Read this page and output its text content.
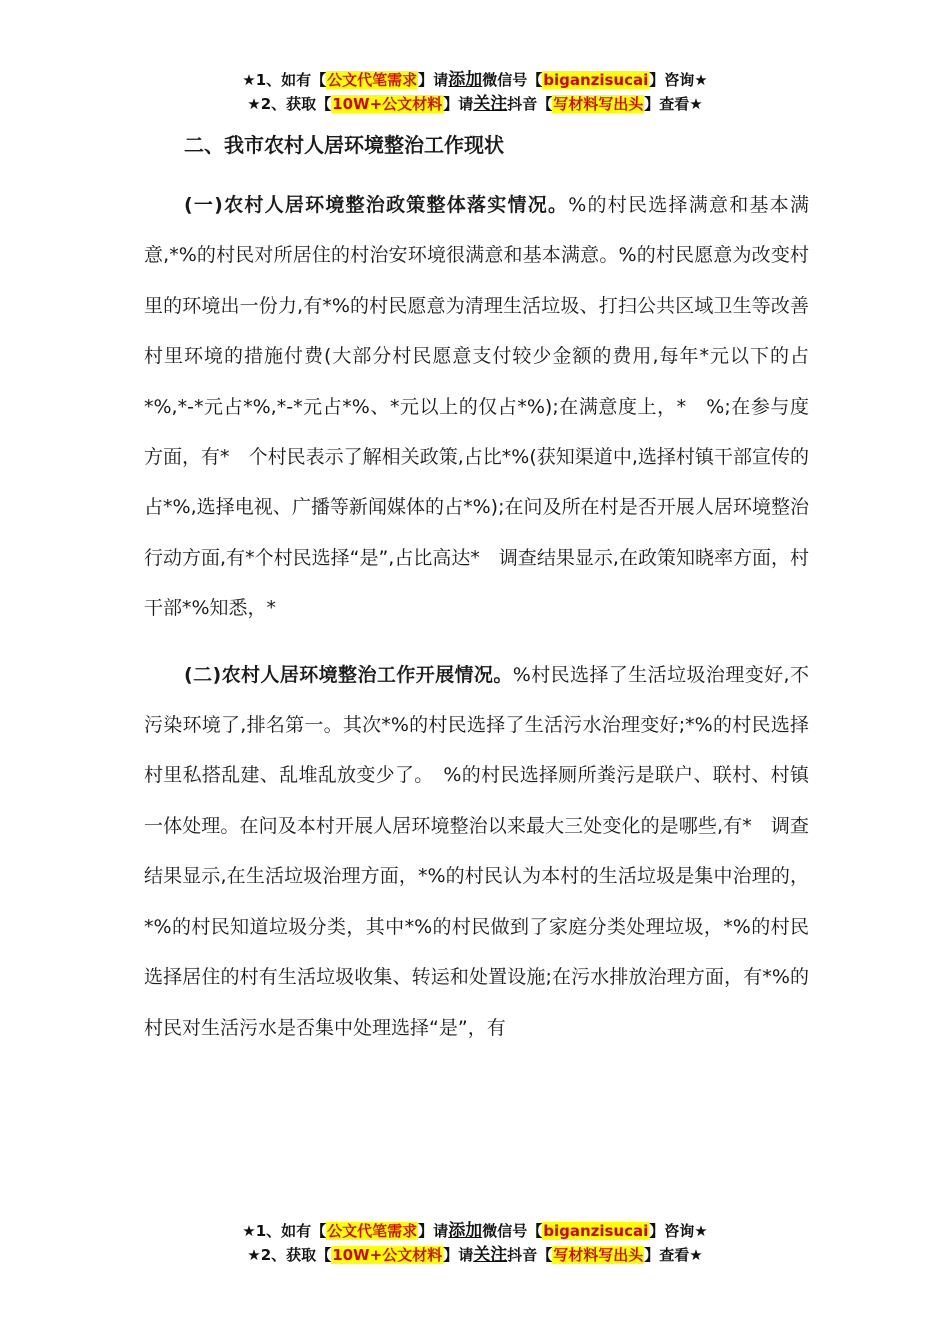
★1、如有【公文代笔需求】请添加微信号【biganzisucai】咨询★
★2、获取【10W+公文材料】请关注抖音【写材料写出头】查看★
二、我市农村人居环境整治工作现状

(一)农村人居环境整治政策整体落实情况。%的村民选择满意和基本满意,*%的村民对所居住的村治安环境很满意和基本满意。%的村民愿意为改变村里的环境出一份力,有*%的村民愿意为清理生活垃圾、打扫公共区域卫生等改善村里环境的措施付费(大部分村民愿意支付较少金额的费用,每年*元以下的占*%,*-*元占*%,*-*元占*%、*元以上的仅占*%);在满意度上，*　%;在参与度方面，有*　个村民表示了解相关政策,占比*%(获知渠道中,选择村镇干部宣传的占*%,选择电视、广播等新闻媒体的占*%);在问及所在村是否开展人居环境整治行动方面,有*个村民选择“是”,占比高达*　调查结果显示,在政策知晓率方面，村干部*%知悉，*

(二)农村人居环境整治工作开展情况。%村民选择了生活垃圾治理变好,不污染环境了,排名第一。其次*%的村民选择了生活污水治理变好;*%的村民选择村里私搭乱建、乱堆乱放变少了。　%的村民选择厕所粪污是联户、联村、村镇一体处理。在问及本村开展人居环境整治以来最大三处变化的是哪些,有*　调查结果显示,在生活垃圾治理方面，*%的村民认为本村的生活垃圾是集中治理的，*%的村民知道垃圾分类，其中*%的村民做到了家庭分类处理垃圾，*%的村民选择居住的村有生活垃圾收集、转运和处置设施;在污水排放治理方面，有*%的村民对生活污水是否集中处理选择“是”，有

★1、如有【公文代笔需求】请添加微信号【biganzisucai】咨询★
★2、获取【10W+公文材料】请关注抖音【写材料写出头】查看★
